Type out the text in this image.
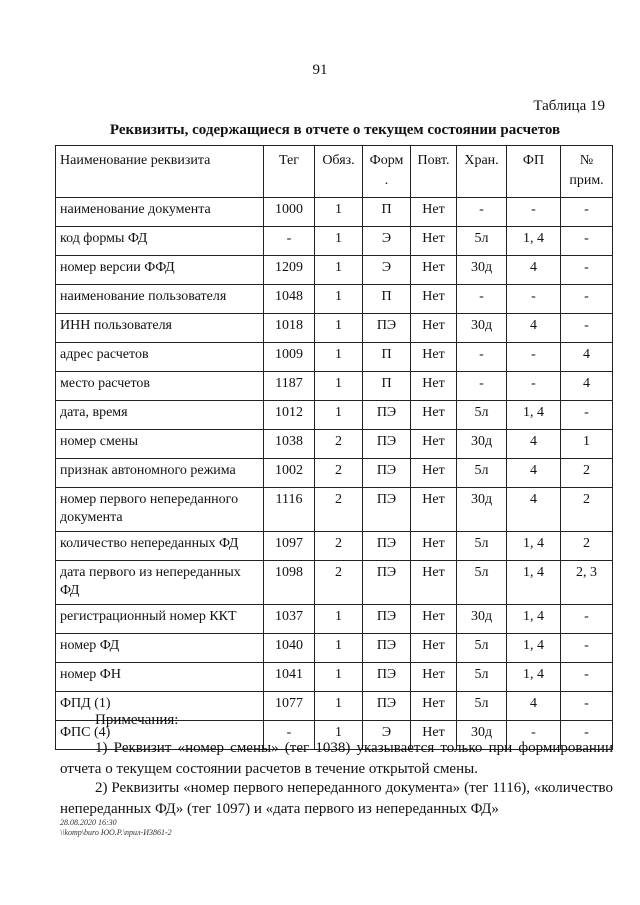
91
Таблица 19
Реквизиты, содержащиеся в отчете о текущем состоянии расчетов
Наименование реквизита	Тег	Обяз.	Форм .	Повт.	Хран.	ФП	№ прим.
наименование документа	1000	1	П	Нет	-	-	-
код формы ФД	-	1	Э	Нет	5л	1, 4	-
номер версии ФФД	1209	1	Э	Нет	30д	4	-
наименование пользователя	1048	1	П	Нет	-	-	-
ИНН пользователя	1018	1	ПЭ	Нет	30д	4	-
адрес расчетов	1009	1	П	Нет	-	-	4
место расчетов	1187	1	П	Нет	-	-	4
дата, время	1012	1	ПЭ	Нет	5л	1, 4	-
номер смены	1038	2	ПЭ	Нет	30д	4	1
признак автономного режима	1002	2	ПЭ	Нет	5л	4	2
номер первого непереданного документа	1116	2	ПЭ	Нет	30д	4	2
количество непереданных ФД	1097	2	ПЭ	Нет	5л	1, 4	2
дата первого из непереданных ФД	1098	2	ПЭ	Нет	5л	1, 4	2, 3
регистрационный номер ККТ	1037	1	ПЭ	Нет	30д	1, 4	-
номер ФД	1040	1	ПЭ	Нет	5л	1, 4	-
номер ФН	1041	1	ПЭ	Нет	5л	1, 4	-
ФПД (1)	1077	1	ПЭ	Нет	5л	4	-
ФПС (4)	-	1	Э	Нет	30д	-	-
Примечания:
1) Реквизит «номер смены» (тег 1038) указывается только при формировании отчета о текущем состоянии расчетов в течение открытой смены.
2) Реквизиты «номер первого непереданного документа» (тег 1116), «количество непереданных ФД» (тег 1097) и «дата первого из непереданных ФД»
28.08.2020 16:30
\\komp\buro ЮО.Р.\прил-И3861-2
